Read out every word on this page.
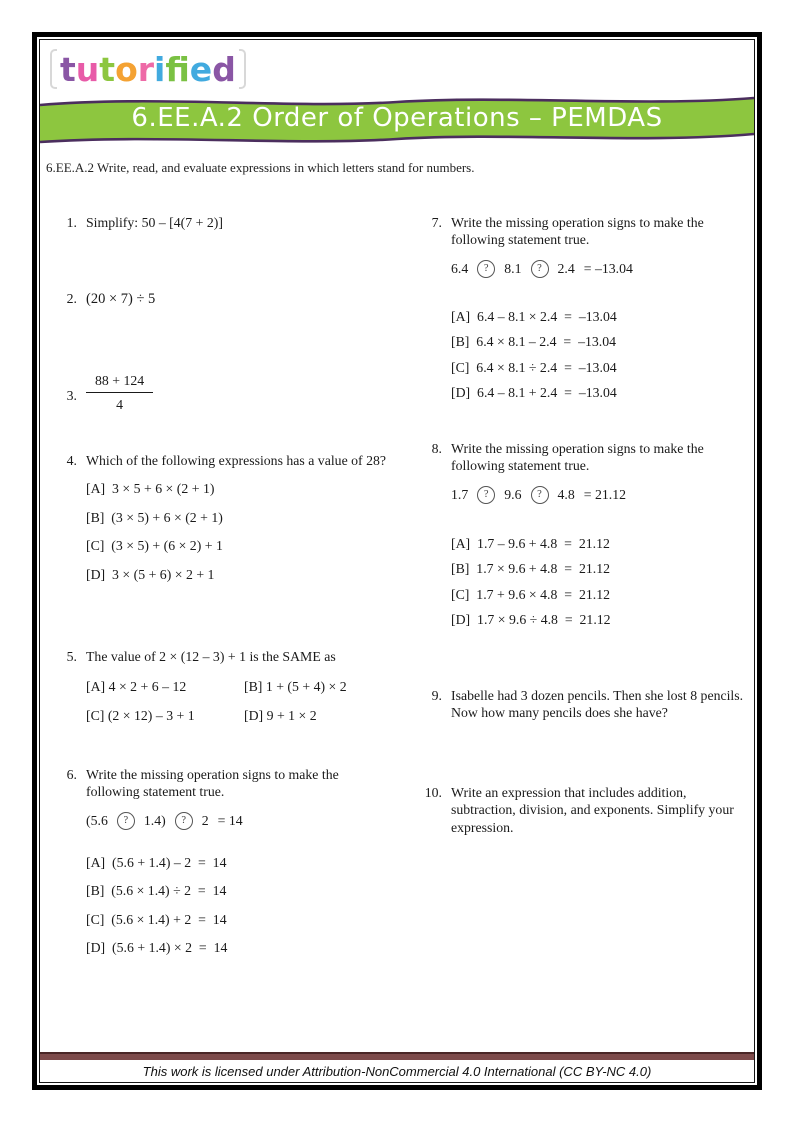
tutorifed
6.EE.A.2 Order of Operations – PEMDAS
6.EE.A.2 Write, read, and evaluate expressions in which letters stand for numbers.
1. Simplify: 50 – [4(7 + 2)]
2. (20 × 7) ÷ 5
3. $\frac{88 + 124}{4}$
4. Which of the following expressions has a value of 28?
[A]  3 × 5 + 6 × (2 + 1)
[B]  (3 × 5) + 6 × (2 + 1)
[C]  (3 × 5) + (6 × 2) + 1
[D]  3 × (5 + 6) × 2 + 1
5. The value of 2 × (12 – 3) + 1 is the SAME as
[A] 4 × 2 + 6 – 12	[B] 1 + (5 + 4) × 2
[C] (2 × 12) – 3 + 1	[D] 9 + 1 × 2
6. Write the missing operation signs to make the following statement true.
(5.6	?	1.4)	?	2 = 14
[A]  (5.6 + 1.4) – 2  =  14
[B]  (5.6 × 1.4) ÷ 2  =  14
[C]  (5.6 × 1.4) + 2  =  14
[D]  (5.6 + 1.4) × 2  =  14
7. Write the missing operation signs to make the following statement true.
6.4	?	8.1	?	2.4 = –13.04
[A]  6.4 – 8.1 × 2.4  =  –13.04
[B]  6.4 × 8.1 – 2.4  =  –13.04
[C]  6.4 × 8.1 ÷ 2.4  =  –13.04
[D]  6.4 – 8.1 + 2.4  =  –13.04
8. Write the missing operation signs to make the following statement true.
1.7	?	9.6	?	4.8 = 21.12
[A]  1.7 – 9.6 + 4.8  =  21.12
[B]  1.7 × 9.6 + 4.8  =  21.12
[C]  1.7 + 9.6 × 4.8  =  21.12
[D]  1.7 × 9.6 ÷ 4.8  =  21.12
9. Isabelle had 3 dozen pencils. Then she lost 8 pencils. Now how many pencils does she have?
10. Write an expression that includes addition, subtraction, division, and exponents. Simplify your expression.
This work is licensed under Attribution-NonCommercial 4.0 International (CC BY-NC 4.0)
